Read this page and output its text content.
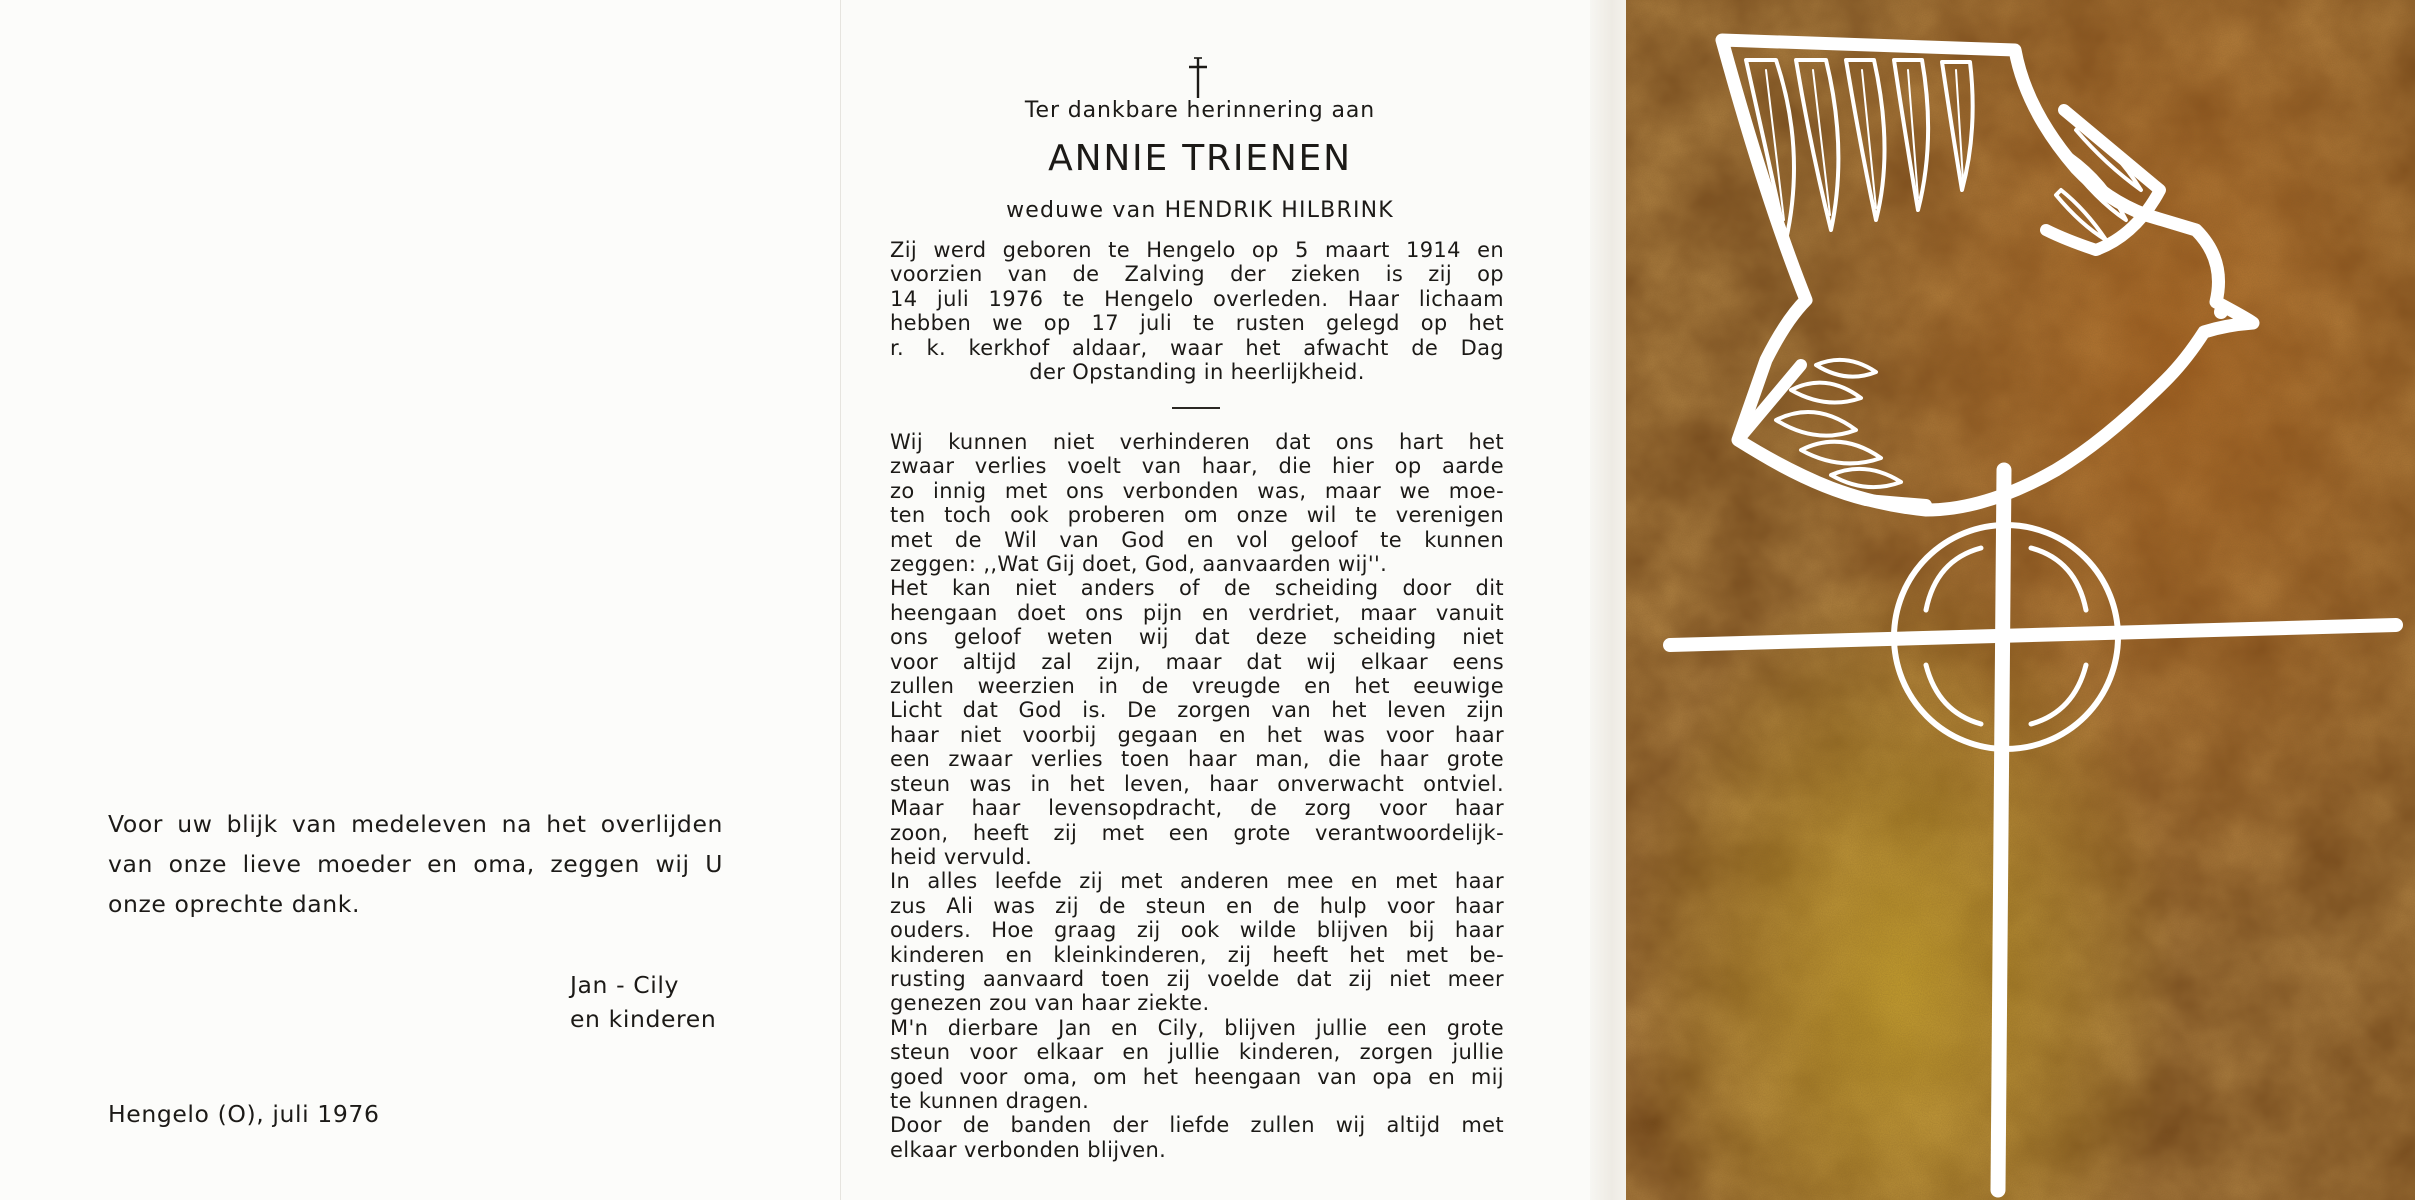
Voor uw blijk van medeleven na het overlijden

van onze lieve moeder en oma, zeggen wij U

onze oprechte dank.

Jan - Cily
en kinderen
Hengelo (O), juli 1976
Ter dankbare herinnering aan
ANNIE TRIENEN
weduwe van HENDRIK HILBRINK
Zij werd geboren te Hengelo op 5 maart 1914 en
voorzien van de Zalving der zieken is zij op
14 juli 1976 te Hengelo overleden. Haar lichaam
hebben we op 17 juli te rusten gelegd op het
r. k. kerkhof aldaar, waar het afwacht de Dag
der Opstanding in heerlijkheid.
Wij kunnen niet verhinderen dat ons hart het
zwaar verlies voelt van haar, die hier op aarde
zo innig met ons verbonden was, maar we moe-
ten toch ook proberen om onze wil te verenigen
met de Wil van God en vol geloof te kunnen
zeggen: ,,Wat Gij doet, God, aanvaarden wij''.
Het kan niet anders of de scheiding door dit
heengaan doet ons pijn en verdriet, maar vanuit
ons geloof weten wij dat deze scheiding niet
voor altijd zal zijn, maar dat wij elkaar eens
zullen weerzien in de vreugde en het eeuwige
Licht dat God is. De zorgen van het leven zijn
haar niet voorbij gegaan en het was voor haar
een zwaar verlies toen haar man, die haar grote
steun was in het leven, haar onverwacht ontviel.
Maar haar levensopdracht, de zorg voor haar
zoon, heeft zij met een grote verantwoordelijk-
heid vervuld.
In alles leefde zij met anderen mee en met haar
zus Ali was zij de steun en de hulp voor haar
ouders. Hoe graag zij ook wilde blijven bij haar
kinderen en kleinkinderen, zij heeft het met be-
rusting aanvaard toen zij voelde dat zij niet meer
genezen zou van haar ziekte.
M'n dierbare Jan en Cily, blijven jullie een grote
steun voor elkaar en jullie kinderen, zorgen jullie
goed voor oma, om het heengaan van opa en mij
te kunnen dragen.
Door de banden der liefde zullen wij altijd met
elkaar verbonden blijven.
